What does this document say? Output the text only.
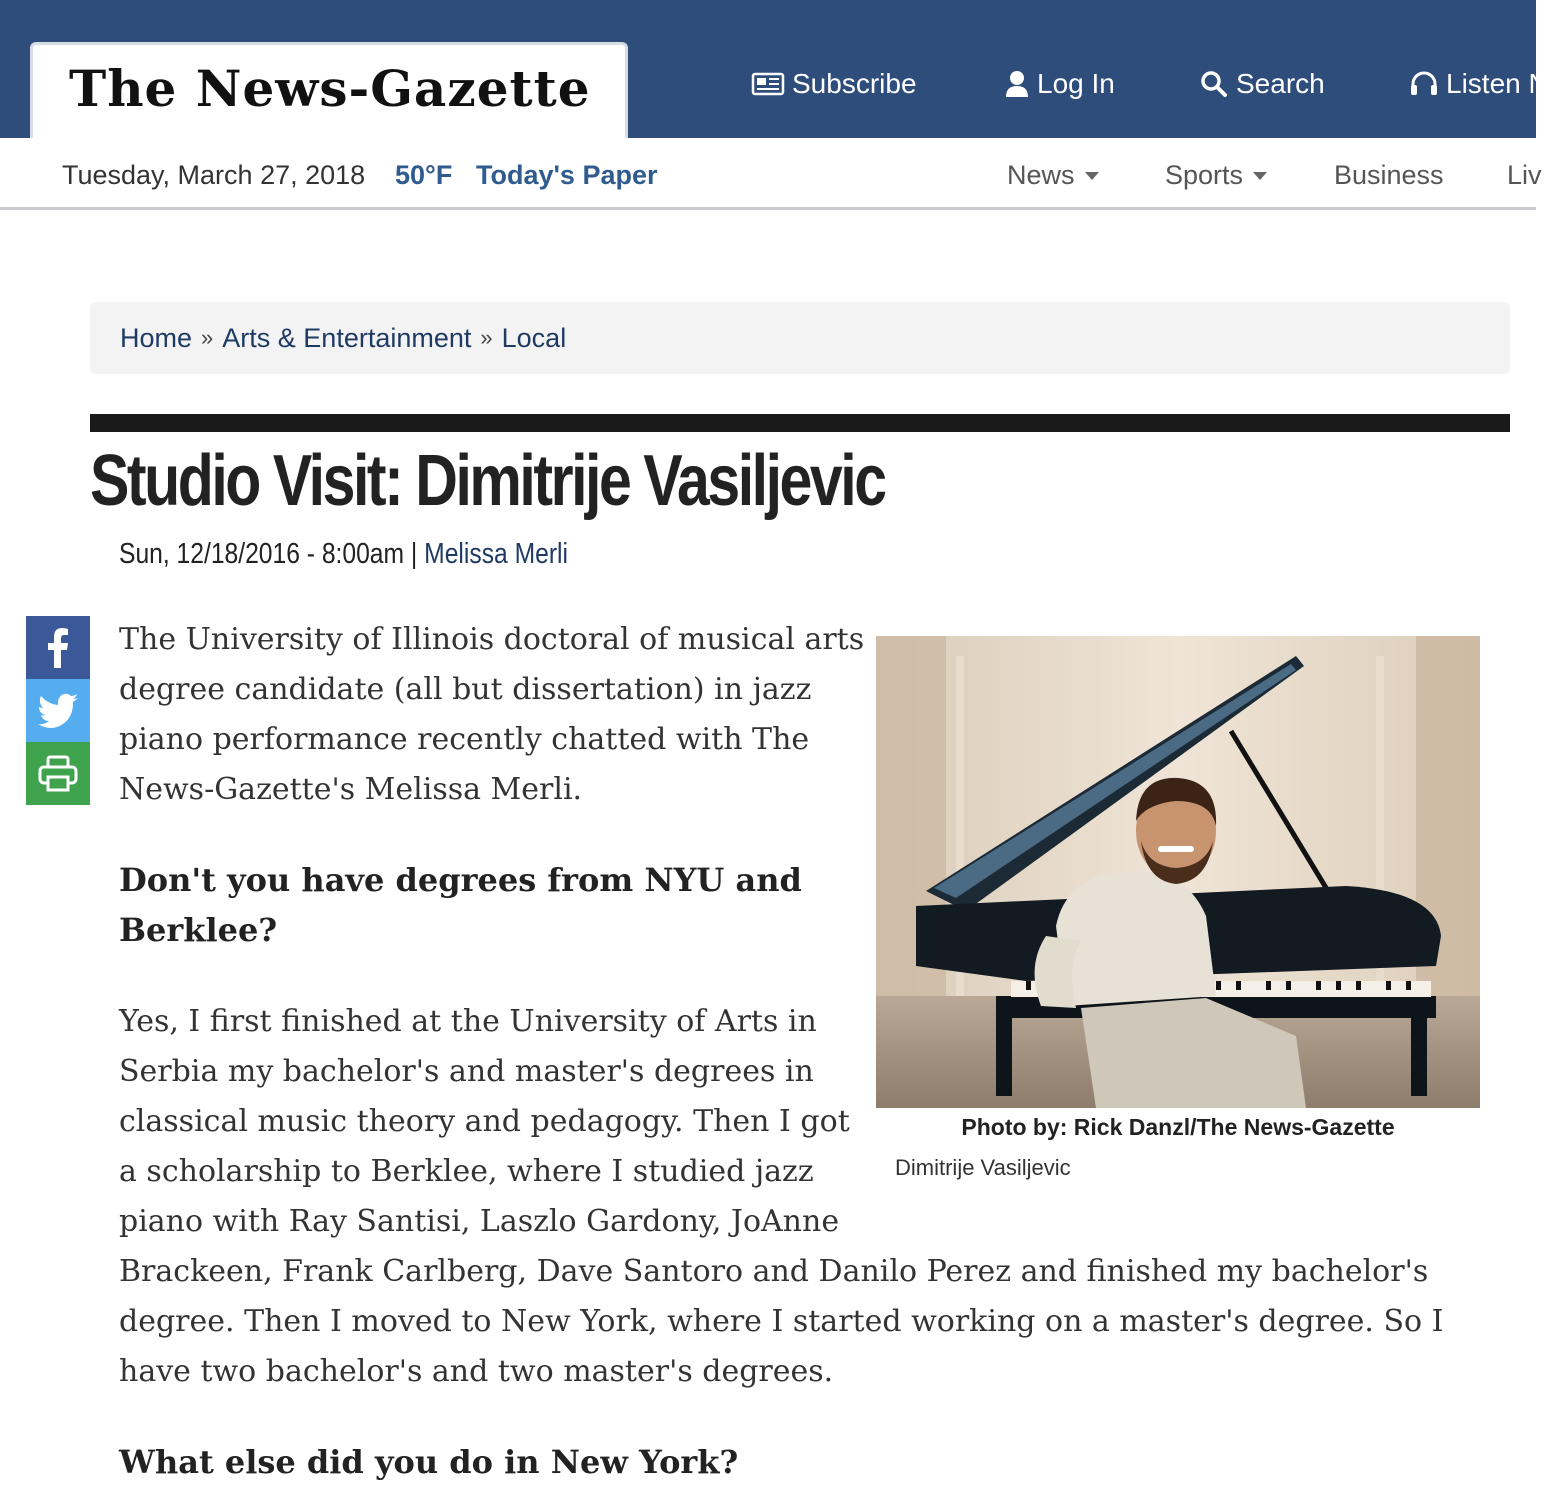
The News-Gazette	Subscribe	Log In	Search	Listen N
Tuesday, March 27, 2018 50°F Today's Paper	News	Sports	Business Liv
Home » Arts & Entertainment » Local
Studio Visit: Dimitrije Vasiljevic
Sun, 12/18/2016 - 8:00am | Melissa Merli

The University of Illinois doctoral of musical arts

degree candidate (all but dissertation) in jazz

piano performance recently chatted with The

News-Gazette's Melissa Merli.

Don't you have degrees from NYU and

Berklee?

Yes, I first finished at the University of Arts in

Serbia my bachelor's and master's degrees in

classical music theory and pedagogy. Then I got

a scholarship to Berklee, where I studied jazz

piano with Ray Santisi, Laszlo Gardony, JoAnne

Brackeen, Frank Carlberg, Dave Santoro and Danilo Perez and finished my bachelor's

degree. Then I moved to New York, where I started working on a master's degree. So I

have two bachelor's and two master's degrees.

What else did you do in New York?

Photo by: Rick Danzl/The News-Gazette
Dimitrije Vasiljevic
